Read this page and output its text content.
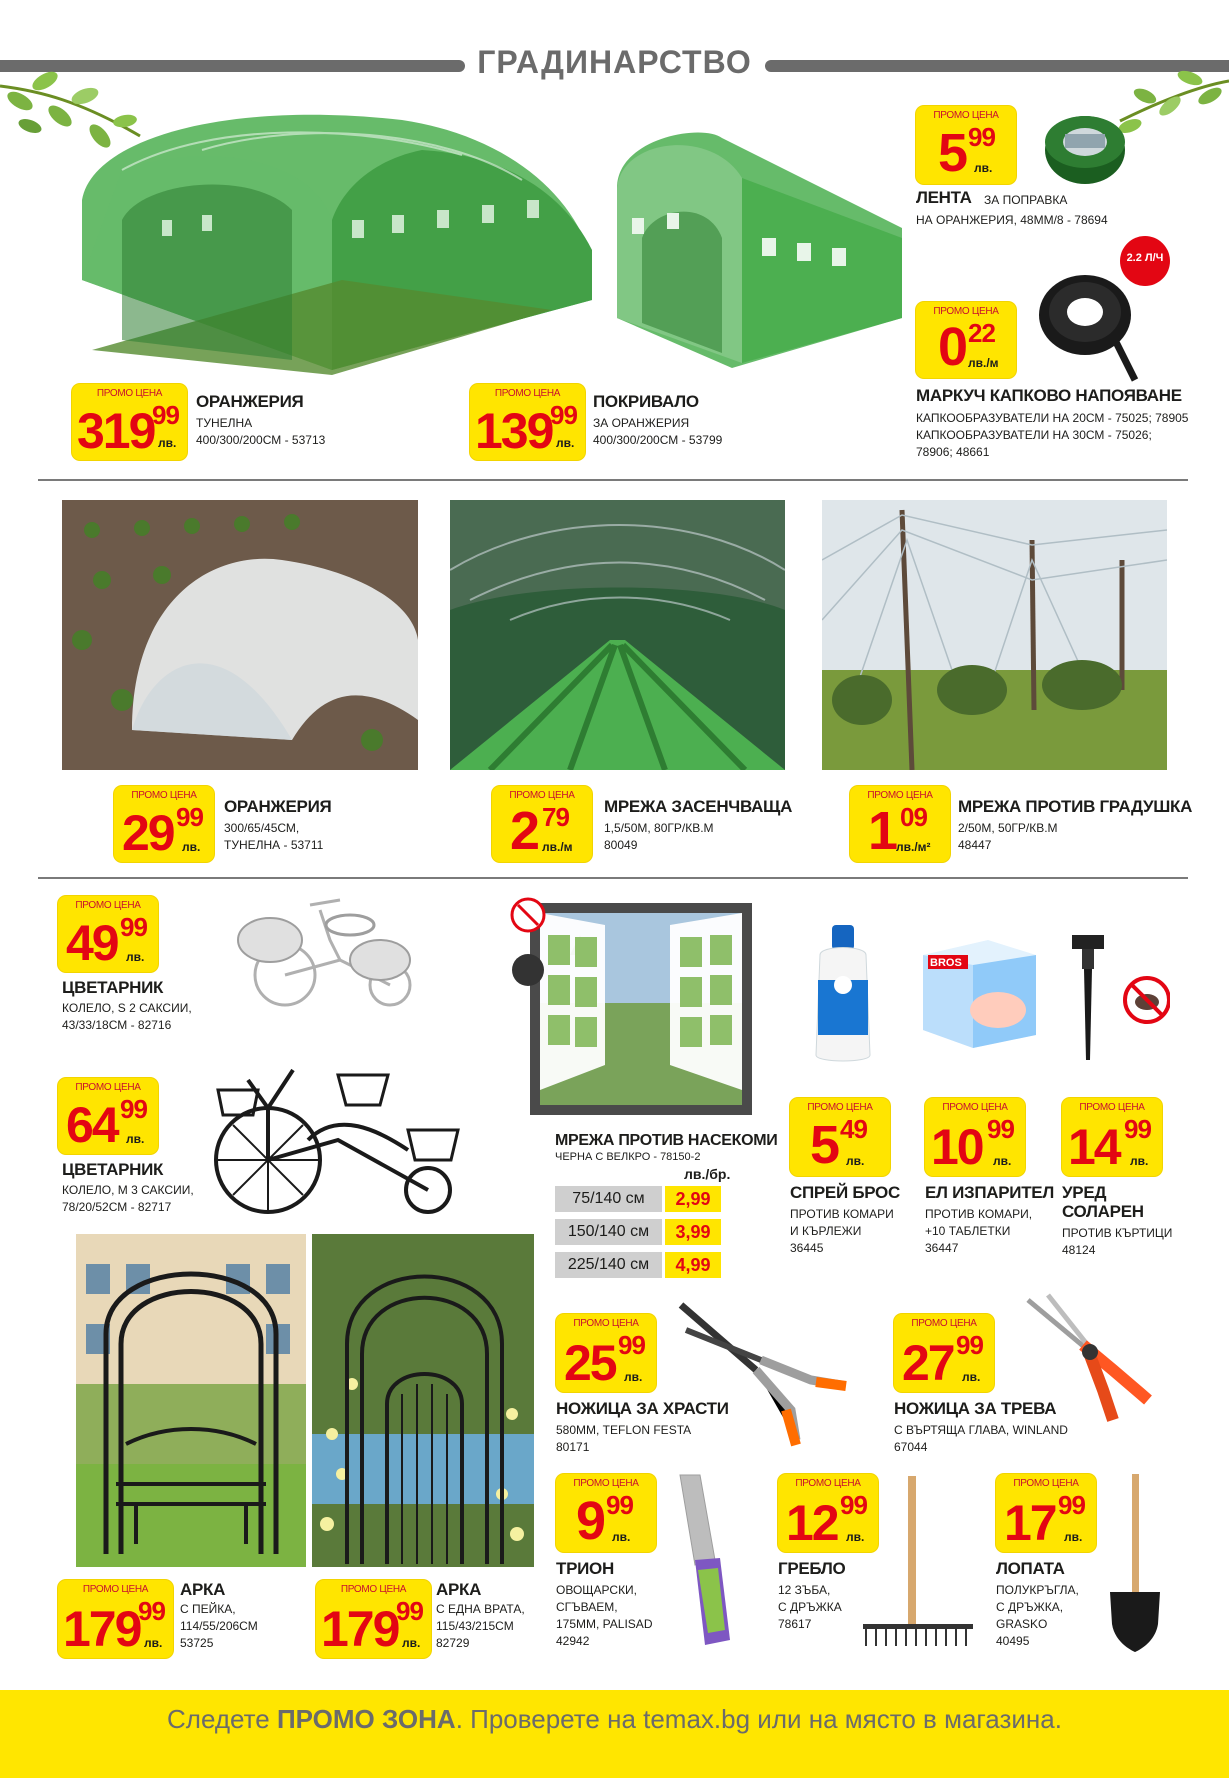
ГРАДИНАРСТВО
ПРОМО ЦЕНА
319
99
лв.
ОРАНЖЕРИЯ
ТУНЕЛНА
400/300/200СМ - 53713
ПРОМО ЦЕНА
139
99
лв.
ПОКРИВАЛО
ЗА ОРАНЖЕРИЯ
400/300/200СМ - 53799
ПРОМО ЦЕНА
5 99
лв.
ЛЕНТА ЗА ПОПРАВКА
НА ОРАНЖЕРИЯ, 48ММ/8 - 78694
ПРОМО ЦЕНА
0 22
лв./м
2.2 Л/Ч
МАРКУЧ КАПКОВО НАПОЯВАНЕ
КАПКООБРАЗУВАТЕЛИ НА 20СМ - 75025; 78905
КАПКООБРАЗУВАТЕЛИ НА 30СМ - 75026;
78906; 48661
ПРОМО ЦЕНА
29 99
лв.
ОРАНЖЕРИЯ
300/65/45СМ,
ТУНЕЛНА - 53711
ПРОМО ЦЕНА
2 79
лв./м
МРЕЖА ЗАСЕНЧВАЩА
1,5/50М, 80ГР/КВ.М
80049
ПРОМО ЦЕНА
1 09
лв./м²
МРЕЖА ПРОТИВ ГРАДУШКА
2/50М, 50ГР/КВ.М
48447
ПРОМО ЦЕНА
49 99
лв.
ЦВЕТАРНИК
КОЛЕЛО, S 2 САКСИИ,
43/33/18СМ - 82716
ПРОМО ЦЕНА
64 99
лв.
ЦВЕТАРНИК
КОЛЕЛО, М 3 САКСИИ,
78/20/52СМ - 82717
МРЕЖА ПРОТИВ НАСЕКОМИ
ЧЕРНА С ВЕЛКРО - 78150-2
лв./бр.
75/140 см	2,99
150/140 см	3,99
225/140 см	4,99
BROS
ПРОМО ЦЕНА
5 49
лв.
СПРЕЙ БРОС
ПРОТИВ КОМАРИ
И КЪРЛЕЖИ
36445
ПРОМО ЦЕНА
10 99
лв.
ЕЛ ИЗПАРИТЕЛ
ПРОТИВ КОМАРИ,
+10 ТАБЛЕТКИ
36447
ПРОМО ЦЕНА
14 99
лв.
УРЕД
СОЛАРЕН
ПРОТИВ КЪРТИЦИ
48124
ПРОМО ЦЕНА
179
99
лв.
АРКА
С ПЕЙКА,
114/55/206СМ
53725
ПРОМО ЦЕНА
179
99
лв.
АРКА
С ЕДНА ВРАТА,
115/43/215СМ
82729
ПРОМО ЦЕНА
25 99
лв.
НОЖИЦА ЗА ХРАСТИ
580ММ, TEFLON FESTA
80171
ПРОМО ЦЕНА
27 99
лв.
НОЖИЦА ЗА ТРЕВА
С ВЪРТЯЩА ГЛАВА, WINLAND
67044
ПРОМО ЦЕНА
9 99
лв.
ТРИОН
ОВОЩАРСКИ,
СГЪВАЕМ,
175ММ, PALISAD
42942
ПРОМО ЦЕНА
12 99
лв.
ГРЕБЛО
12 ЗЪБА,
С ДРЪЖКА
78617
ПРОМО ЦЕНА
17 99
лв.
ЛОПАТА
ПОЛУКРЪГЛА,
С ДРЪЖКА,
GRASKO
40495
Следете ПРОМО ЗОНА. Проверете на temax.bg или на място в магазина.
